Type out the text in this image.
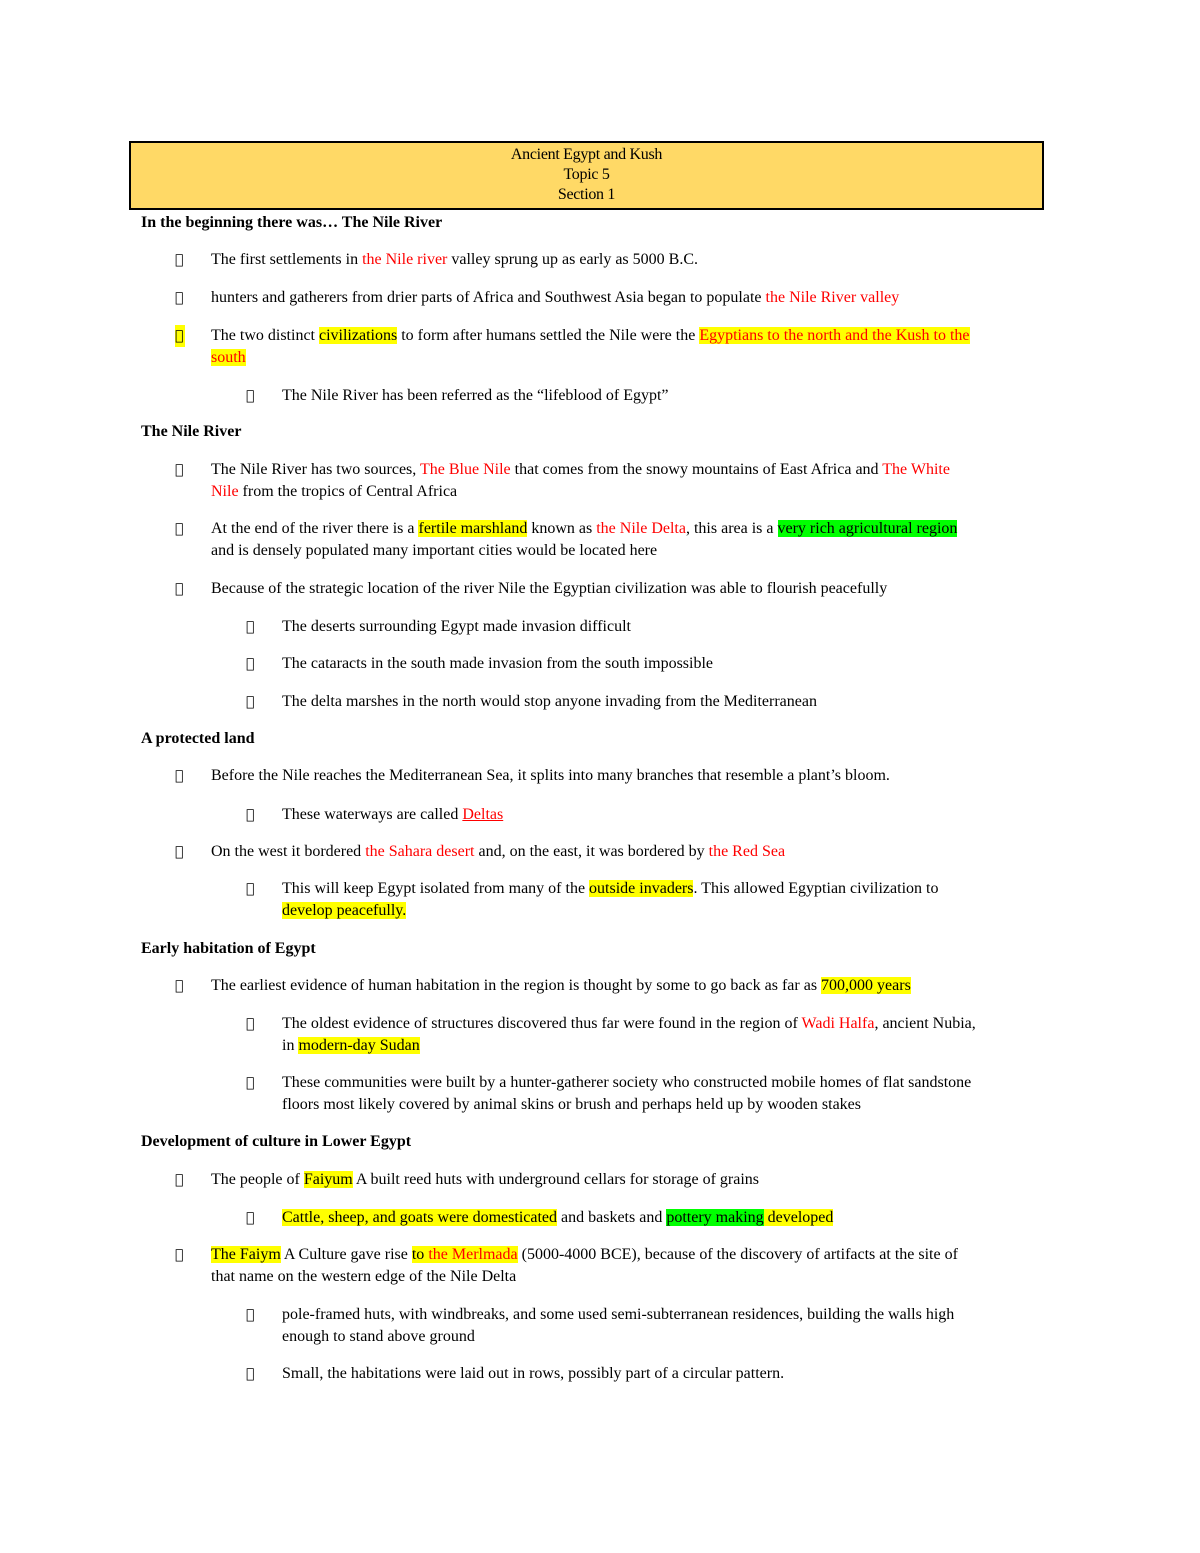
Ancient Egypt and Kush
Topic 5
Section 1
In the beginning there was… The Nile River
The first settlements in the Nile river valley sprung up as early as 5000 B.C.
hunters and gatherers from drier parts of Africa and Southwest Asia began to populate the Nile River valley
The two distinct civilizations to form after humans settled the Nile were the Egyptians to the north and the Kush to the
south
The Nile River has been referred as the “lifeblood of Egypt”
The Nile River
The Nile River has two sources, The Blue Nile that comes from the snowy mountains of East Africa and The White
Nile from the tropics of Central Africa
At the end of the river there is a fertile marshland known as the Nile Delta, this area is a very rich agricultural region
and is densely populated many important cities would be located here
Because of the strategic location of the river Nile the Egyptian civilization was able to flourish peacefully
The deserts surrounding Egypt made invasion difficult
The cataracts in the south made invasion from the south impossible
The delta marshes in the north would stop anyone invading from the Mediterranean
A protected land
Before the Nile reaches the Mediterranean Sea, it splits into many branches that resemble a plant’s bloom.
These waterways are called Deltas
On the west it bordered the Sahara desert and, on the east, it was bordered by the Red Sea
This will keep Egypt isolated from many of the outside invaders. This allowed Egyptian civilization to
develop peacefully.
Early habitation of Egypt
The earliest evidence of human habitation in the region is thought by some to go back as far as 700,000 years
The oldest evidence of structures discovered thus far were found in the region of Wadi Halfa, ancient Nubia,
in modern-day Sudan
These communities were built by a hunter-gatherer society who constructed mobile homes of flat sandstone
floors most likely covered by animal skins or brush and perhaps held up by wooden stakes
Development of culture in Lower Egypt
The people of Faiyum A built reed huts with underground cellars for storage of grains
Cattle, sheep, and goats were domesticated and baskets and pottery making developed
The Faiym A Culture gave rise to the Merlmada (5000-4000 BCE), because of the discovery of artifacts at the site of
that name on the western edge of the Nile Delta
pole-framed huts, with windbreaks, and some used semi-subterranean residences, building the walls high
enough to stand above ground
Small, the habitations were laid out in rows, possibly part of a circular pattern.
